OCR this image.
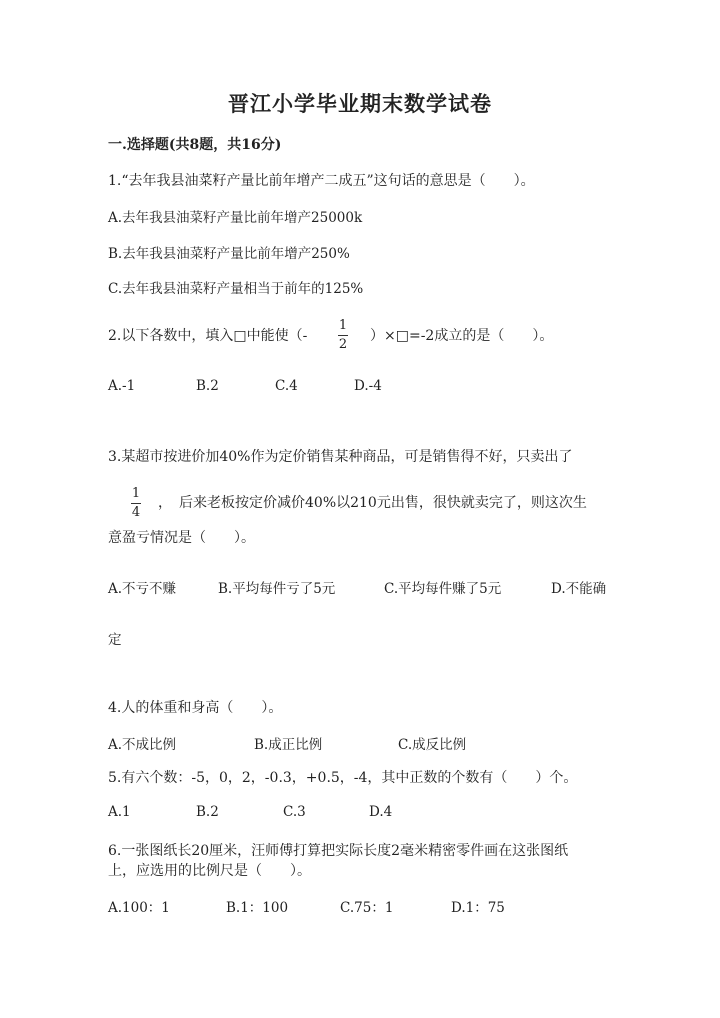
晋江小学毕业期末数学试卷
一.选择题(共8题，共16分)
1.“去年我县油菜籽产量比前年增产二成五”这句话的意思是（　　）。
A.去年我县油菜籽产量比前年增产25000k
B.去年我县油菜籽产量比前年增产250%
C.去年我县油菜籽产量相当于前年的125%
2.以下各数中，填入□中能使（-
1
2
）×□=-2成立的是（　　）。
A.-1	B.2	C.4	D.-4
3.某超市按进价加40%作为定价销售某种商品，可是销售得不好，只卖出了
1
4
，　后来老板按定价减价40%以210元出售，很快就卖完了，则这次生
意盈亏情况是（　　）。
A.不亏不赚	B.平均每件亏了5元	C.平均每件赚了5元	D.不能确
定
4.人的体重和身高（　　）。
A.不成比例	B.成正比例	C.成反比例
5.有六个数：-5，0，2，-0.3，+0.5，-4，其中正数的个数有（　　）个。
A.1	B.2	C.3	D.4
6.一张图纸长20厘米，汪师傅打算把实际长度2毫米精密零件画在这张图纸
上，应选用的比例尺是（　　）。
A.100：1	B.1：100	C.75：1	D.1：75
